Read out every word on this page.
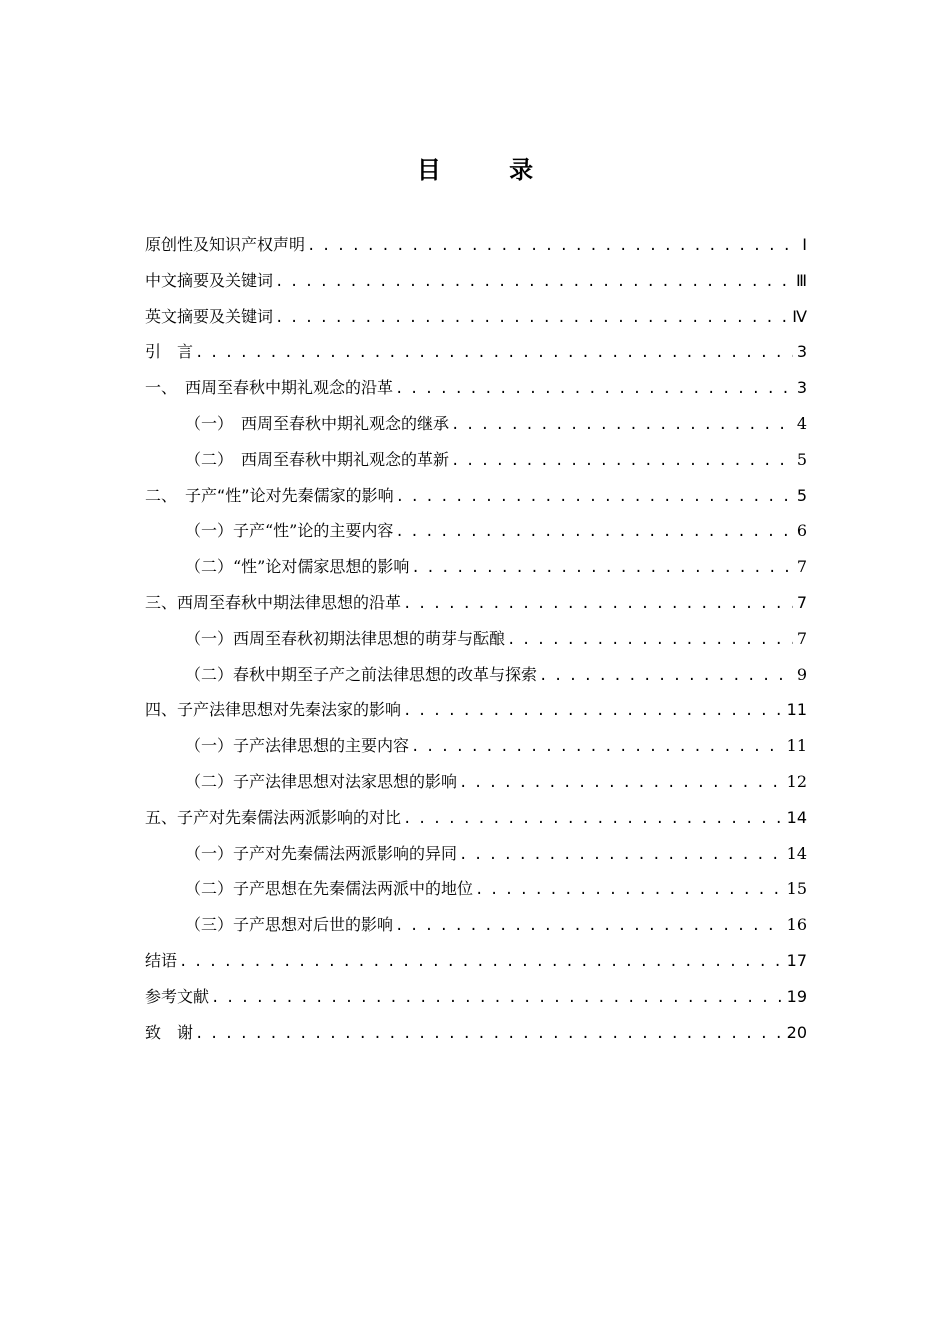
目 录
原创性及知识产权声明 . . .	Ⅰ
中文摘要及关键词 . . .	Ⅲ
英文摘要及关键词 . . .	Ⅳ
引　言 . . .	3
一、　西周至春秋中期礼观念的沿革 . . .	3
（一）　西周至春秋中期礼观念的继承 . . .	4
（二）　西周至春秋中期礼观念的革新 . . .	5
二、　子产“性”论对先秦儒家的影响 . . .	5
（一）子产“性”论的主要内容 . . .	6
（二）“性”论对儒家思想的影响 . . .	7
三、西周至春秋中期法律思想的沿革 . . .	7
（一）西周至春秋初期法律思想的萌芽与酝酿 . . .	7
（二）春秋中期至子产之前法律思想的改革与探索 . . .	9
四、子产法律思想对先秦法家的影响 . . .	11
（一）子产法律思想的主要内容 . . .	11
（二）子产法律思想对法家思想的影响 . . .	12
五、子产对先秦儒法两派影响的对比 . . .	14
（一）子产对先秦儒法两派影响的异同 . . .	14
（二）子产思想在先秦儒法两派中的地位 . . .	15
（三）子产思想对后世的影响 . . .	16
结语 . . .	17
参考文献 . . .	19
致　谢 . . .	20
